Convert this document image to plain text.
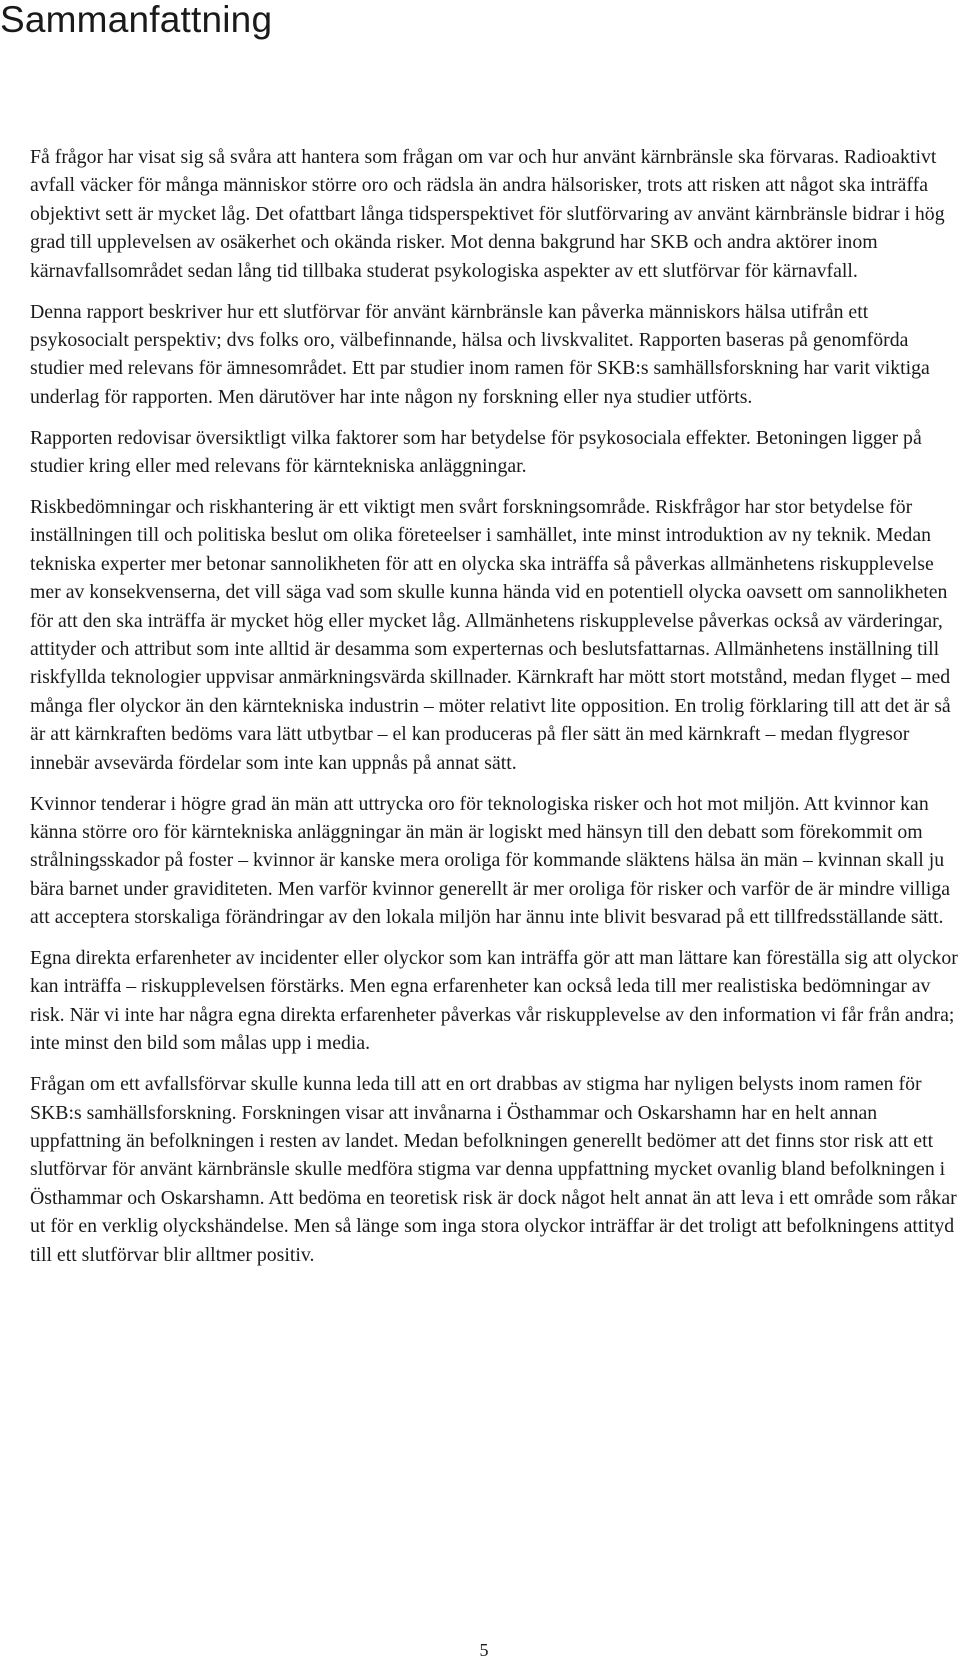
Sammanfattning

Få frågor har visat sig så svåra att hantera som frågan om var och hur använt kärnbränsle ska förvaras. Radioaktivt avfall väcker för många människor större oro och rädsla än andra hälsorisker, trots att risken att något ska inträffa objektivt sett är mycket låg. Det ofattbart långa tidsperspektivet för slutförvaring av använt kärnbränsle bidrar i hög grad till upplevelsen av osäkerhet och okända risker. Mot denna bakgrund har SKB och andra aktörer inom kärnavfallsområdet sedan lång tid tillbaka studerat psykologiska aspekter av ett slutförvar för kärnavfall.

Denna rapport beskriver hur ett slutförvar för använt kärnbränsle kan påverka människors hälsa utifrån ett psykosocialt perspektiv; dvs folks oro, välbefinnande, hälsa och livskvalitet. Rapporten baseras på genomförda studier med relevans för ämnesområdet. Ett par studier inom ramen för SKB:s samhällsforskning har varit viktiga underlag för rapporten. Men därutöver har inte någon ny forskning eller nya studier utförts.

Rapporten redovisar översiktligt vilka faktorer som har betydelse för psykosociala effekter. Betoningen ligger på studier kring eller med relevans för kärntekniska anläggningar.

Riskbedömningar och riskhantering är ett viktigt men svårt forskningsområde. Riskfrågor har stor betydelse för inställningen till och politiska beslut om olika företeelser i samhället, inte minst introduktion av ny teknik. Medan tekniska experter mer betonar sannolikheten för att en olycka ska inträffa så påverkas allmänhetens riskupplevelse mer av konsekvenserna, det vill säga vad som skulle kunna hända vid en potentiell olycka oavsett om sannolikheten för att den ska inträffa är mycket hög eller mycket låg. Allmänhetens riskupplevelse påverkas också av värderingar, attityder och attribut som inte alltid är desamma som experternas och beslutsfattarnas. Allmänhetens inställning till riskfyllda teknologier uppvisar anmärkningsvärda skillnader. Kärnkraft har mött stort motstånd, medan flyget – med många fler olyckor än den kärntekniska industrin – möter relativt lite opposition. En trolig förklaring till att det är så är att kärnkraften bedöms vara lätt utbytbar – el kan produceras på fler sätt än med kärnkraft – medan flygresor innebär avsevärda fördelar som inte kan uppnås på annat sätt.

Kvinnor tenderar i högre grad än män att uttrycka oro för teknologiska risker och hot mot miljön. Att kvinnor kan känna större oro för kärntekniska anläggningar än män är logiskt med hänsyn till den debatt som förekommit om strålningsskador på foster – kvinnor är kanske mera oroliga för kommande släktens hälsa än män – kvinnan skall ju bära barnet under graviditeten. Men varför kvinnor generellt är mer oroliga för risker och varför de är mindre villiga att acceptera storskaliga förändringar av den lokala miljön har ännu inte blivit besvarad på ett tillfredsställande sätt.

Egna direkta erfarenheter av incidenter eller olyckor som kan inträffa gör att man lättare kan föreställa sig att olyckor kan inträffa – riskupplevelsen förstärks. Men egna erfarenheter kan också leda till mer realistiska bedömningar av risk. När vi inte har några egna direkta erfarenheter påverkas vår riskupplevelse av den information vi får från andra; inte minst den bild som målas upp i media.

Frågan om ett avfallsförvar skulle kunna leda till att en ort drabbas av stigma har nyligen belysts inom ramen för SKB:s samhällsforskning. Forskningen visar att invånarna i Östhammar och Oskarshamn har en helt annan uppfattning än befolkningen i resten av landet. Medan befolkningen generellt bedömer att det finns stor risk att ett slutförvar för använt kärnbränsle skulle medföra stigma var denna uppfattning mycket ovanlig bland befolkningen i Östhammar och Oskarshamn. Att bedöma en teoretisk risk är dock något helt annat än att leva i ett område som råkar ut för en verklig olyckshändelse. Men så länge som inga stora olyckor inträffar är det troligt att befolkningens attityd till ett slutförvar blir alltmer positiv.

5
